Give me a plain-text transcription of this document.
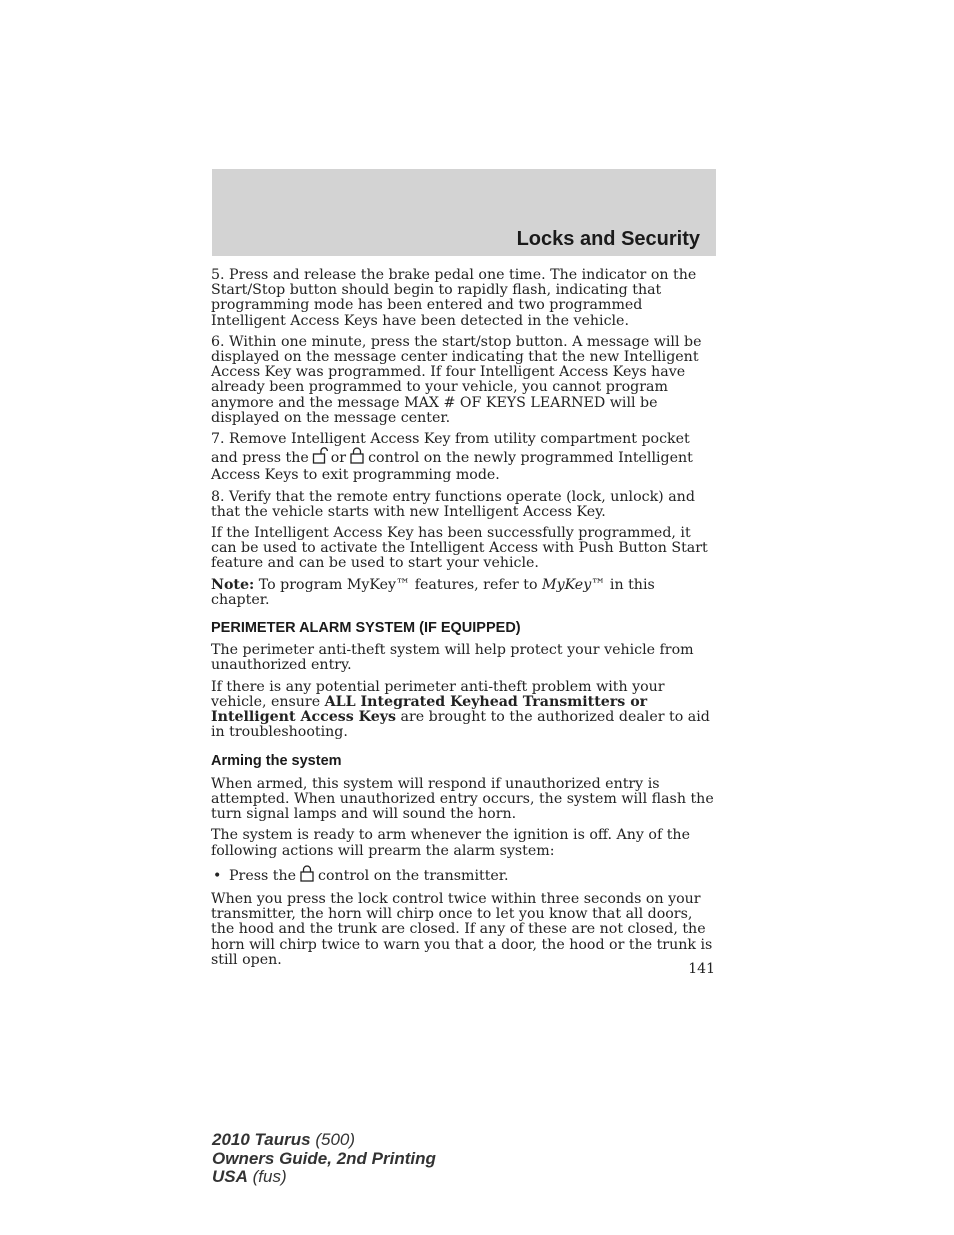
Locks and Security

5. Press and release the brake pedal one time. The indicator on the Start/Stop button should begin to rapidly flash, indicating that programming mode has been entered and two programmed Intelligent Access Keys have been detected in the vehicle.

6. Within one minute, press the start/stop button. A message will be displayed on the message center indicating that the new Intelligent Access Key was programmed. If four Intelligent Access Keys have already been programmed to your vehicle, you cannot program anymore and the message MAX # OF KEYS LEARNED will be displayed on the message center.

7. Remove Intelligent Access Key from utility compartment pocket and press the or control on the newly programmed Intelligent Access Keys to exit programming mode.

8. Verify that the remote entry functions operate (lock, unlock) and that the vehicle starts with new Intelligent Access Key.

If the Intelligent Access Key has been successfully programmed, it can be used to activate the Intelligent Access with Push Button Start feature and can be used to start your vehicle.

Note: To program MyKey™ features, refer to MyKey™ in this chapter.

PERIMETER ALARM SYSTEM (IF EQUIPPED)

The perimeter anti-theft system will help protect your vehicle from unauthorized entry.

If there is any potential perimeter anti-theft problem with your vehicle, ensure ALL Integrated Keyhead Transmitters or Intelligent Access Keys are brought to the authorized dealer to aid in troubleshooting.

Arming the system

When armed, this system will respond if unauthorized entry is attempted. When unauthorized entry occurs, the system will flash the turn signal lamps and will sound the horn.

The system is ready to arm whenever the ignition is off. Any of the following actions will prearm the alarm system:

• Press the control on the transmitter.

When you press the lock control twice within three seconds on your transmitter, the horn will chirp once to let you know that all doors, the hood and the trunk are closed. If any of these are not closed, the horn will chirp twice to warn you that a door, the hood or the trunk is still open.

141
2010 Taurus (500)
Owners Guide, 2nd Printing
USA (fus)
